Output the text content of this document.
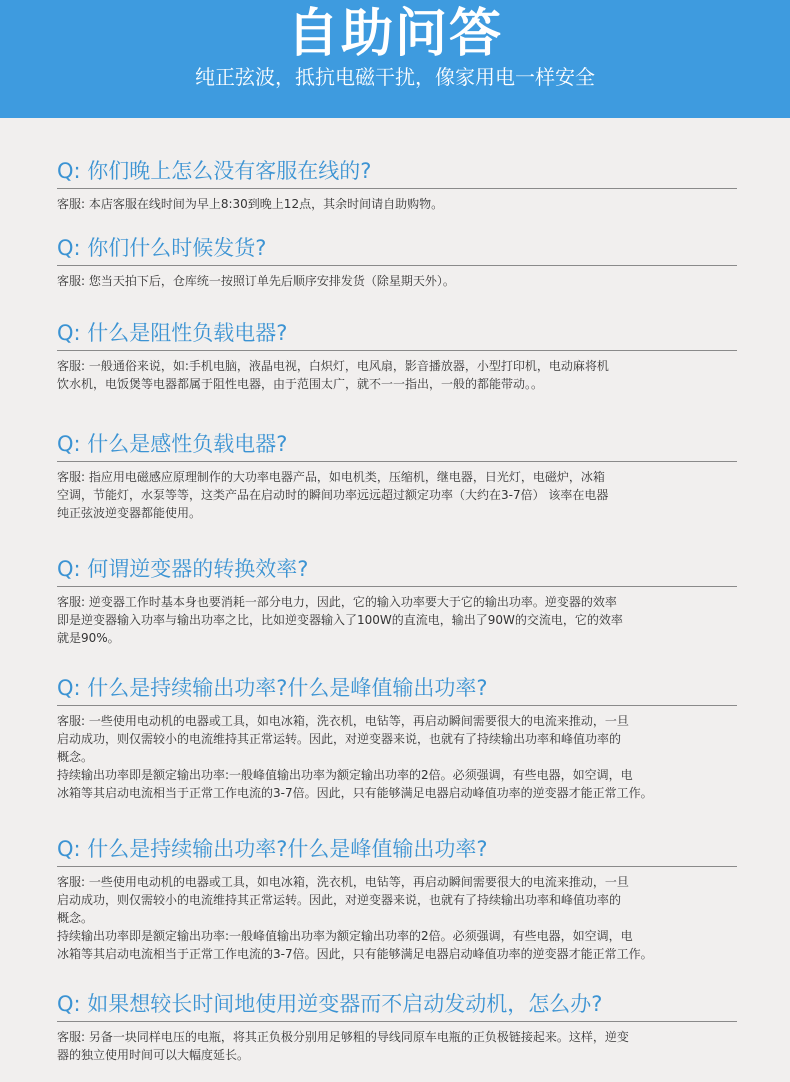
自助问答
纯正弦波，抵抗电磁干扰，像家用电一样安全
Q: 你们晚上怎么没有客服在线的?
客服: 本店客服在线时间为早上8:30到晚上12点，其余时间请自助购物。
Q: 你们什么时候发货?
客服: 您当天拍下后，仓库统一按照订单先后顺序安排发货（除星期天外）。
Q: 什么是阻性负载电器?
客服: 一般通俗来说，如:手机电脑，液晶电视，白炽灯，电风扇，影音播放器，小型打印机，电动麻将机
饮水机，电饭煲等电器都属于阻性电器，由于范围太广，就不一一指出，一般的都能带动。。
Q: 什么是感性负载电器?
客服: 指应用电磁感应原理制作的大功率电器产品，如电机类，压缩机，继电器，日光灯，电磁炉，冰箱
空调，节能灯，水泵等等，这类产品在启动时的瞬间功率远远超过额定功率（大约在3-7倍） 该率在电器
纯正弦波逆变器都能使用。
Q: 何谓逆变器的转换效率?
客服: 逆变器工作时基本身也要消耗一部分电力，因此，它的输入功率要大于它的输出功率。逆变器的效率
即是逆变器输入功率与输出功率之比，比如逆变器输入了100W的直流电，输出了90W的交流电，它的效率
就是90%。
Q: 什么是持续输出功率?什么是峰值输出功率?
客服: 一些使用电动机的电器或工具，如电冰箱，洗衣机，电钻等，再启动瞬间需要很大的电流来推动，一旦
启动成功，则仅需较小的电流维持其正常运转。因此，对逆变器来说，也就有了持续输出功率和峰值功率的
概念。
持续输出功率即是额定输出功率:一般峰值输出功率为额定输出功率的2倍。必须强调，有些电器，如空调，电
冰箱等其启动电流相当于正常工作电流的3-7倍。因此，只有能够满足电器启动峰值功率的逆变器才能正常工作。
Q: 什么是持续输出功率?什么是峰值输出功率?
客服: 一些使用电动机的电器或工具，如电冰箱，洗衣机，电钻等，再启动瞬间需要很大的电流来推动，一旦
启动成功，则仅需较小的电流维持其正常运转。因此，对逆变器来说，也就有了持续输出功率和峰值功率的
概念。
持续输出功率即是额定输出功率:一般峰值输出功率为额定输出功率的2倍。必须强调，有些电器，如空调，电
冰箱等其启动电流相当于正常工作电流的3-7倍。因此，只有能够满足电器启动峰值功率的逆变器才能正常工作。
Q: 如果想较长时间地使用逆变器而不启动发动机，怎么办?
客服: 另备一块同样电压的电瓶，将其正负极分别用足够粗的导线同原车电瓶的正负极链接起来。这样，逆变
器的独立使用时间可以大幅度延长。
